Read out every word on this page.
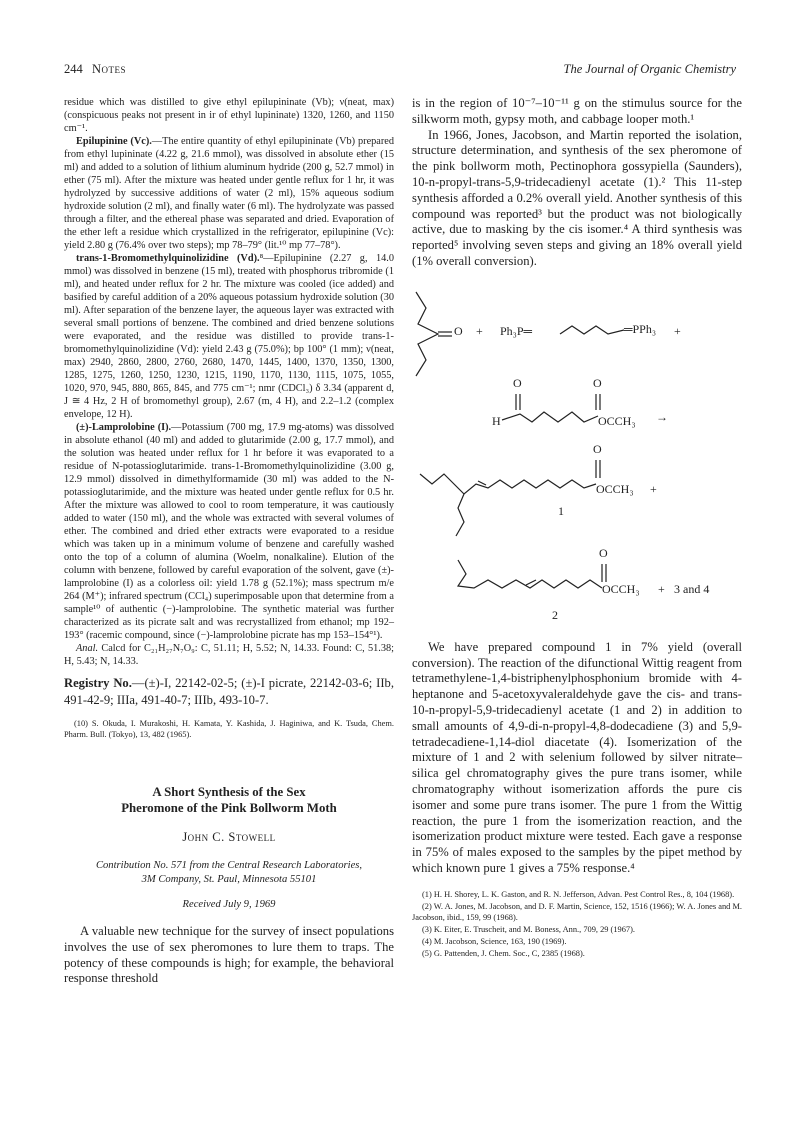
244 Notes	The Journal of Organic Chemistry

residue which was distilled to give ethyl epilupininate (Vb); ν(neat, max) (conspicuous peaks not present in ir of ethyl lupininate) 1320, 1260, and 1150 cm⁻¹.

Epilupinine (Vc).—The entire quantity of ethyl epilupininate (Vb) prepared from ethyl lupininate (4.22 g, 21.6 mmol), was dissolved in absolute ether (15 ml) and added to a solution of lithium aluminum hydride (200 g, 52.7 mmol) in ether (75 ml). After the mixture was heated under gentle reflux for 1 hr, it was hydrolyzed by successive additions of water (2 ml), 15% aqueous sodium hydroxide solution (2 ml), and finally water (6 ml). The hydrolyzate was passed through a filter, and the ethereal phase was separated and dried. Evaporation of the ether left a residue which crystallized in the refrigerator, epilupinine (Vc): yield 2.80 g (76.4% over two steps); mp 78–79° (lit.¹⁰ mp 77–78°).

trans-1-Bromomethylquinolizidine (Vd).⁸—Epilupinine (2.27 g, 14.0 mmol) was dissolved in benzene (15 ml), treated with phosphorus tribromide (1 ml), and heated under reflux for 2 hr. The mixture was cooled (ice added) and basified by careful addition of a 20% aqueous potassium hydroxide solution (30 ml). After separation of the benzene layer, the aqueous layer was extracted with several small portions of benzene. The combined and dried benzene solutions were evaporated, and the residue was distilled to provide trans-1-bromomethylquinolizidine (Vd): yield 2.43 g (75.0%); bp 100° (1 mm); ν(neat, max) 2940, 2860, 2800, 2760, 2680, 1470, 1445, 1400, 1370, 1350, 1300, 1285, 1275, 1260, 1250, 1230, 1215, 1190, 1170, 1130, 1115, 1075, 1055, 1020, 970, 945, 880, 865, 845, and 775 cm⁻¹; nmr (CDCl₃) δ 3.34 (apparent d, J ≅ 4 Hz, 2 H of bromomethyl group), 2.67 (m, 4 H), and 2.2–1.2 (complex envelope, 12 H).

(±)-Lamprolobine (I).—Potassium (700 mg, 17.9 mg-atoms) was dissolved in absolute ethanol (40 ml) and added to glutarimide (2.00 g, 17.7 mmol), and the solution was heated under reflux for 1 hr before it was evaporated to a residue of N-potassioglutarimide. trans-1-Bromomethylquinolizidine (3.00 g, 12.9 mmol) dissolved in dimethylformamide (30 ml) was added to the N-potassioglutarimide, and the mixture was heated under gentle reflux for 0.5 hr. After the mixture was allowed to cool to room temperature, it was cautiously added to water (150 ml), and the whole was extracted with several volumes of ether. The combined and dried ether extracts were evaporated to a residue which was taken up in a minimum volume of benzene and carefully washed onto the top of a column of alumina (Woelm, nonalkaline). Elution of the column with benzene, followed by careful evaporation of the solvent, gave (±)-lamprolobine (I) as a colorless oil: yield 1.78 g (52.1%); mass spectrum m/e 264 (M⁺); infrared spectrum (CCl₄) superimposable upon that determine from a sample¹⁰ of authentic (−)-lamprolobine. The synthetic material was further characterized as its picrate salt and was recrystallized from ethanol; mp 192–193° (racemic compound, since (−)-lamprolobine picrate has mp 153–154°¹).

Anal. Calcd for C₂₁H₂₇N₇O₉: C, 51.11; H, 5.52; N, 14.33. Found: C, 51.38; H, 5.43; N, 14.33.

Registry No.—(±)-I, 22142-02-5; (±)-I picrate, 22142-03-6; IIb, 491-42-9; IIIa, 491-40-7; IIIb, 493-10-7.

(10) S. Okuda, I. Murakoshi, H. Kamata, Y. Kashida, J. Haginiwa, and K. Tsuda, Chem. Pharm. Bull. (Tokyo), 13, 482 (1965).

A Short Synthesis of the Sex
Pheromone of the Pink Bollworm Moth
John C. Stowell
Contribution No. 571 from the Central Research Laboratories,
3M Company, St. Paul, Minnesota 55101
Received July 9, 1969

A valuable new technique for the survey of insect populations involves the use of sex pheromones to lure them to traps. The potency of these compounds is high; for example, the behavioral response threshold

is in the region of 10⁻⁷–10⁻¹¹ g on the stimulus source for the silkworm moth, gypsy moth, and cabbage looper moth.¹

In 1966, Jones, Jacobson, and Martin reported the isolation, structure determination, and synthesis of the sex pheromone of the pink bollworm moth, Pectinophora gossypiella (Saunders), 10-n-propyl-trans-5,9-tridecadienyl acetate (1).² This 11-step synthesis afforded a 0.2% overall yield. Another synthesis of this compound was reported³ but the product was not biologically active, due to masking by the cis isomer.⁴ A third synthesis was reported⁵ involving seven steps and giving an 18% overall yield (1% overall conversion).

O + Ph₃P═	═PPh₃ +
O	O
H	OCCH₃ →
O
OCCH₃ +
1
O
OCCH₃ + 3 and 4
2

We have prepared compound 1 in 7% yield (overall conversion). The reaction of the difunctional Wittig reagent from tetramethylene-1,4-bistriphenylphosphonium bromide with 4-heptanone and 5-acetoxyvaleraldehyde gave the cis- and trans-10-n-propyl-5,9-tridecadienyl acetate (1 and 2) in addition to small amounts of 4,9-di-n-propyl-4,8-dodecadiene (3) and 5,9-tetradecadiene-1,14-diol diacetate (4). Isomerization of the mixture of 1 and 2 with selenium followed by silver nitrate–silica gel chromatography gives the pure trans isomer, while chromatography without isomerization affords the pure cis isomer and some pure trans isomer. The pure 1 from the Wittig reaction, the pure 1 from the isomerization reaction, and the isomerization product mixture were tested. Each gave a response in 75% of males exposed to the samples by the pipet method by which known pure 1 gives a 75% response.⁴

(1) H. H. Shorey, L. K. Gaston, and R. N. Jefferson, Advan. Pest Control Res., 8, 104 (1968).

(2) W. A. Jones, M. Jacobson, and D. F. Martin, Science, 152, 1516 (1966); W. A. Jones and M. Jacobson, ibid., 159, 99 (1968).

(3) K. Eiter, E. Truscheit, and M. Boness, Ann., 709, 29 (1967).

(4) M. Jacobson, Science, 163, 190 (1969).

(5) G. Pattenden, J. Chem. Soc., C, 2385 (1968).
